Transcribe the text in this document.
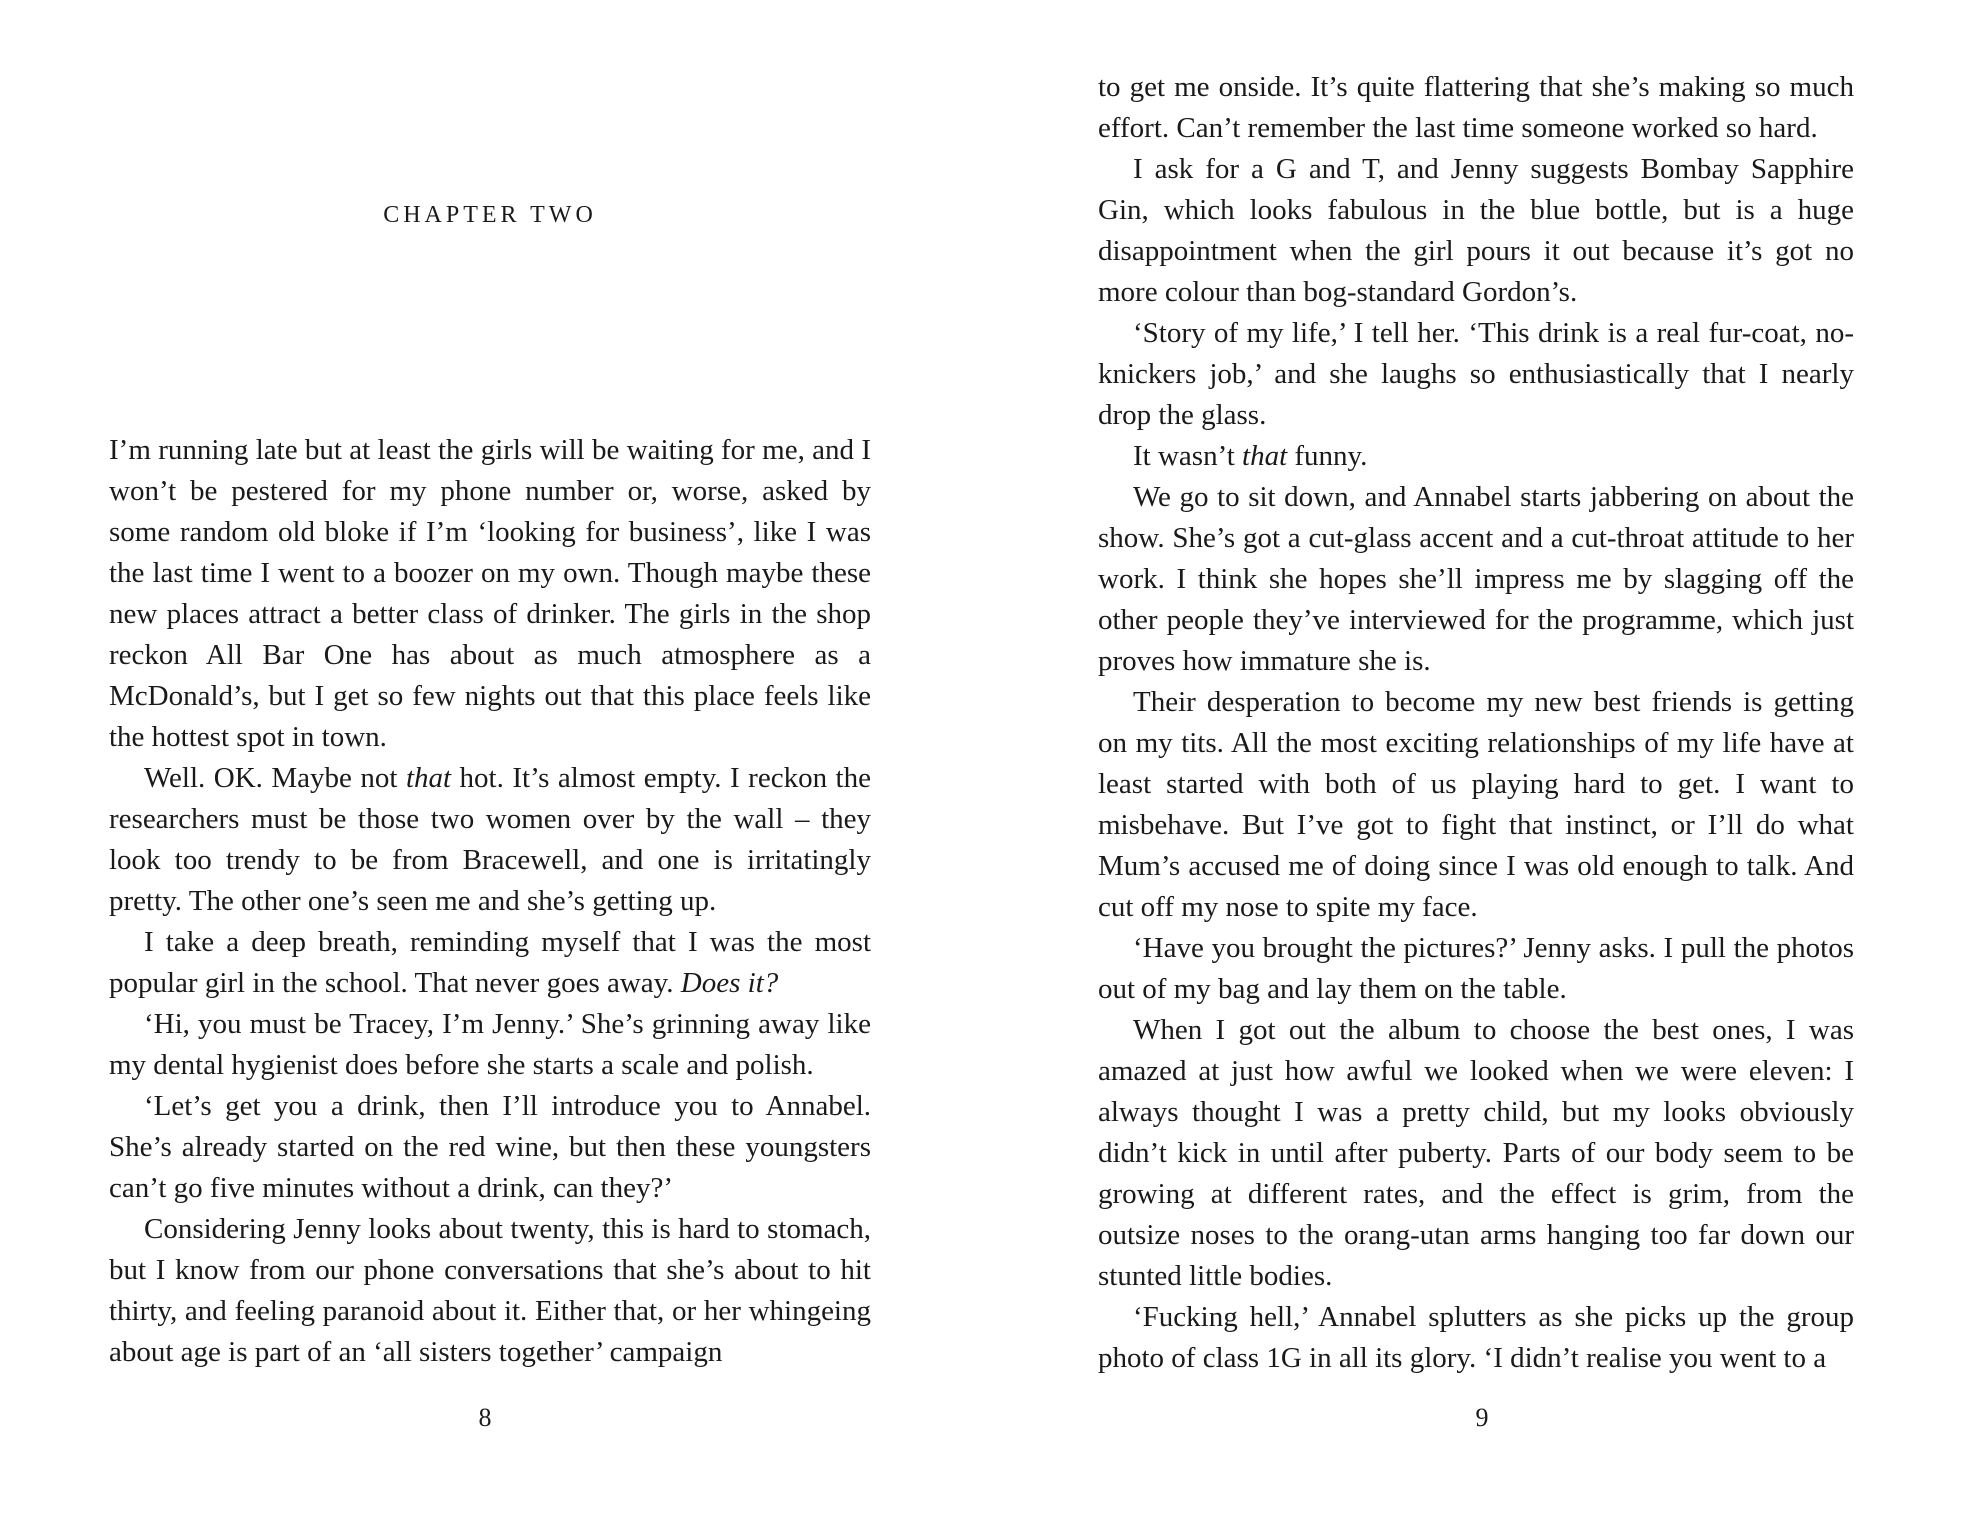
CHAPTER TWO

I’m running late but at least the girls will be waiting for me, and I won’t be pestered for my phone number or, worse, asked by some random old bloke if I’m ‘looking for business’, like I was the last time I went to a boozer on my own. Though maybe these new places attract a better class of drinker. The girls in the shop reckon All Bar One has about as much atmosphere as a McDonald’s, but I get so few nights out that this place feels like the hottest spot in town.

Well. OK. Maybe not that hot. It’s almost empty. I reckon the researchers must be those two women over by the wall – they look too trendy to be from Bracewell, and one is irritatingly pretty. The other one’s seen me and she’s getting up.

I take a deep breath, reminding myself that I was the most popular girl in the school. That never goes away. Does it?

‘Hi, you must be Tracey, I’m Jenny.’ She’s grinning away like my dental hygienist does before she starts a scale and polish.

‘Let’s get you a drink, then I’ll introduce you to Annabel. She’s already started on the red wine, but then these youngsters can’t go five minutes without a drink, can they?’

Considering Jenny looks about twenty, this is hard to stomach, but I know from our phone conversations that she’s about to hit thirty, and feeling paranoid about it. Either that, or her whingeing about age is part of an ‘all sisters together’ campaign

8

to get me onside. It’s quite flattering that she’s making so much effort. Can’t remember the last time someone worked so hard.

I ask for a G and T, and Jenny suggests Bombay Sapphire Gin, which looks fabulous in the blue bottle, but is a huge disappointment when the girl pours it out because it’s got no more colour than bog-standard Gordon’s.

‘Story of my life,’ I tell her. ‘This drink is a real fur-coat, no-knickers job,’ and she laughs so enthusiastically that I nearly drop the glass.

It wasn’t that funny.

We go to sit down, and Annabel starts jabbering on about the show. She’s got a cut-glass accent and a cut-throat attitude to her work. I think she hopes she’ll impress me by slagging off the other people they’ve interviewed for the programme, which just proves how immature she is.

Their desperation to become my new best friends is getting on my tits. All the most exciting relationships of my life have at least started with both of us playing hard to get. I want to misbehave. But I’ve got to fight that instinct, or I’ll do what Mum’s accused me of doing since I was old enough to talk. And cut off my nose to spite my face.

‘Have you brought the pictures?’ Jenny asks. I pull the photos out of my bag and lay them on the table.

When I got out the album to choose the best ones, I was amazed at just how awful we looked when we were eleven: I always thought I was a pretty child, but my looks obviously didn’t kick in until after puberty. Parts of our body seem to be growing at different rates, and the effect is grim, from the outsize noses to the orang-utan arms hanging too far down our stunted little bodies.

‘Fucking hell,’ Annabel splutters as she picks up the group photo of class 1G in all its glory. ‘I didn’t realise you went to a

9
